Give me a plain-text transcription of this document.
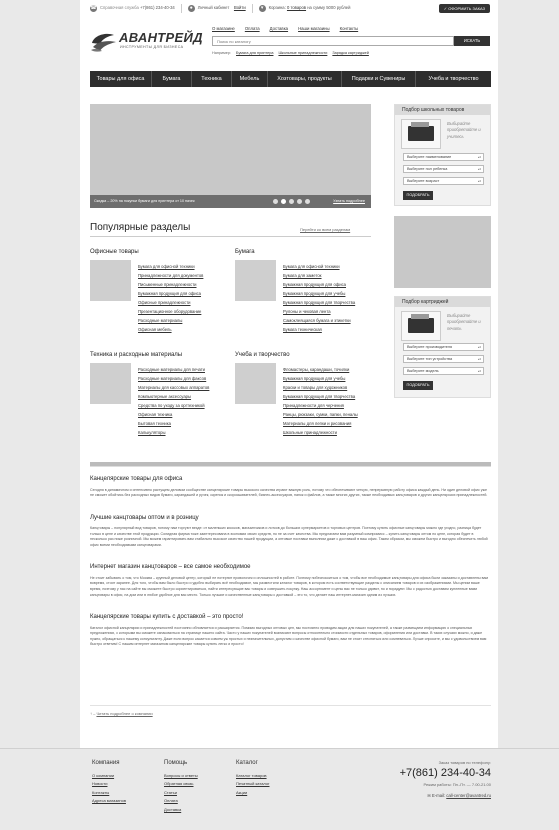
☎ Справочная служба
+7(861) 234-40-34	●	Личный кабинет
Войти	▾	Корзина:
0 товаров
на сумму 5000 рублей	✓ ОФОРМИТЬ ЗАКАЗ
АВАНТРЕЙД
ИНСТРУМЕНТЫ ДЛЯ БИЗНЕСА
О магазине Оплата Доставка Наши магазины Контакты
Поиск по каталогу
ИСКАТЬ
Например: Бумага для принтера Школьные принадлежности Зарядка картриджей
Товары для офиса	Бумага	Техника	Мебель	Хозтовары, продукты	Подарки и Сувениры	Учеба и творчество
Скидка – 20% на покупки бумаги для принтера от 10 пачек	Узнать подробнее
Подбор школьных товаров
Выбирайте приобретайте и учитесь
Выберите наименование ▴▾
Выберите пол ребенка ▴▾
Выберите возраст ▴▾
ПОДОБРАТЬ
Подбор картриджей
Выбирайте приобретайте и печать
Выберите производителя ▴▾
Выберите тип устройства ▴▾
Выберите модель ▴▾
ПОДОБРАТЬ
Популярные разделы	Перейти ко всем разделам
Офисные товары
Бумага для офисной техники
Принадлежности для документов
Письменные принадлежности
Бумажная продукция для офиса
Офисные принадлежности
Презентационное оборудование
Расходные материалы
Офисная мебель
Бумага
Бумага для офисной техники
Бумага для заметок
Бумажная продукция для офиса
Бумажная продукция для учебы
Бумажная продукция для творчества
Рулоны и чековая лента
Самоклеящаяся бумага и этикетки
Бумага техническая
Техника и расходные материалы
Расходные материалы для печати
Расходные материалы для факсов
Материалы для кассовых аппаратов
Компьютерные аксессуары
Средства по уходу за оргтехникой
Офисная техника
Бытовая техника
Калькуляторы
Учеба и творчество
Фломастеры, карандаши, точилки
Бумажная продукция для учебы
Краски и товары для художников
Бумажная продукция для творчества
Принадлежности для черчения
Ранцы, рюкзаки, сумки, папки, пеналы
Материалы для лепки и рисования
Школьные принадлежности
Канцелярские товары для офиса

Сегодня в динамичном и интенсивно растущем деловом сообществе канцелярские товары высокого качества играют важную роль, потому что обеспечивают четкую, непрерывную работу офиса каждый день. Ни один деловой офис уже не сможет обойтись без расходных видов бумаги, карандашей и ручек, скрепок и скоросшивателей, бизнес-аксессуаров, папок и файлов, а также многих других, также необходимых канцтоваров и других канцелярских принадлежностей.

Лучшие канцтовары оптом и в розницу

Канцтовары – популярный вид товаров, потому нам торгуют везде: от маленьких киосков, магазинчиков и лотков до больших супермаркетов и торговых центров. Поэтому купить офисные канцтовары можно где угодно, разница будет только в цене и качестве этой продукции. Солидная фирма тоже заинтересована в экономии своих средств, но не за счет качества. Мы предлагаем вам разумный компромисс – купить канцтовары оптом по цене, которая будет в несколько раз ниже розничной. Мы можем гарантировать вам стабильно высокое качество нашей продукции, а оптовые поставки выполним даже с доставкой в ваш офис. Таким образом, мы сможем быстро и выгодно обеспечить любой офис всеми необходимыми канцтоварами.

Интернет магазин канцтоваров – все самое необходимое

Не стоит забывать о том, что Москва – крупный деловой центр, который не потерпит проволочек и оплошностей в работе. Поэтому побеспокоиться о том, чтобы все необходимые канцтовары для офиса были заказаны и доставлены вам вовремя, стоит заранее. Для того, чтобы вам было быстро и удобно выбирать всё необходимое, мы разместили каталог товаров, в котором есть соответствующие разделы с описанием товаров и их изображениями. Мы ценим ваше время, поэтому у нас на сайте вы сможете быстро сориентироваться, найти интересующие вас товары и совершить покупку. Наш ассортимент и цены вас не только удивят, но и порадуют. Мы с радостью доставим купленные вами канцтовары в офис, на дом или в любое удобное для вас место. Только лучшие и качественные канцтовары с доставкой – это то, что делает наш интернет-магазин одним из лучших.

Канцелярские товары купить с доставкой – это просто!

Каталог офисной канцелярии и принадлежностей постоянно обновляется и расширяется. Помимо выгодных оптовых цен, мы постоянно проводим акции для наших покупателей, а также размещаем информацию о специальных предложениях, с которыми вы сможете ознакомиться на странице нашего сайта. Часто у наших покупателей возникают вопросы относительно стоимости отдельных товаров, оформления или доставки. В таких случаях можно, и даже нужно, обращаться к нашему консультанту. Даже если вопрос касается совсем уж простых и незначительных, допустим о качестве офисной бумаги, вам не стоит стесняться или сомневаться. Лучше спросите, и мы с удовольствием вам быстро ответим! С нашим интернет магазином канцелярские товары купить легко и просто!

↑ – Читать подробнее о компании
Компания
О компании
Новости
Контакты
Адреса магазинов
Помощь
Вопросы и ответы
Обратная связь
Статьи
Оплата
Доставка
Каталог
Каталог товаров
Печатный каталог
Акции
Заказ товаров по телефону:
+7(861) 234-40-34
Режим работы: Пн.-Пт. — 7.00-21.00
✉ E-mail: call-center@avantred.ru
